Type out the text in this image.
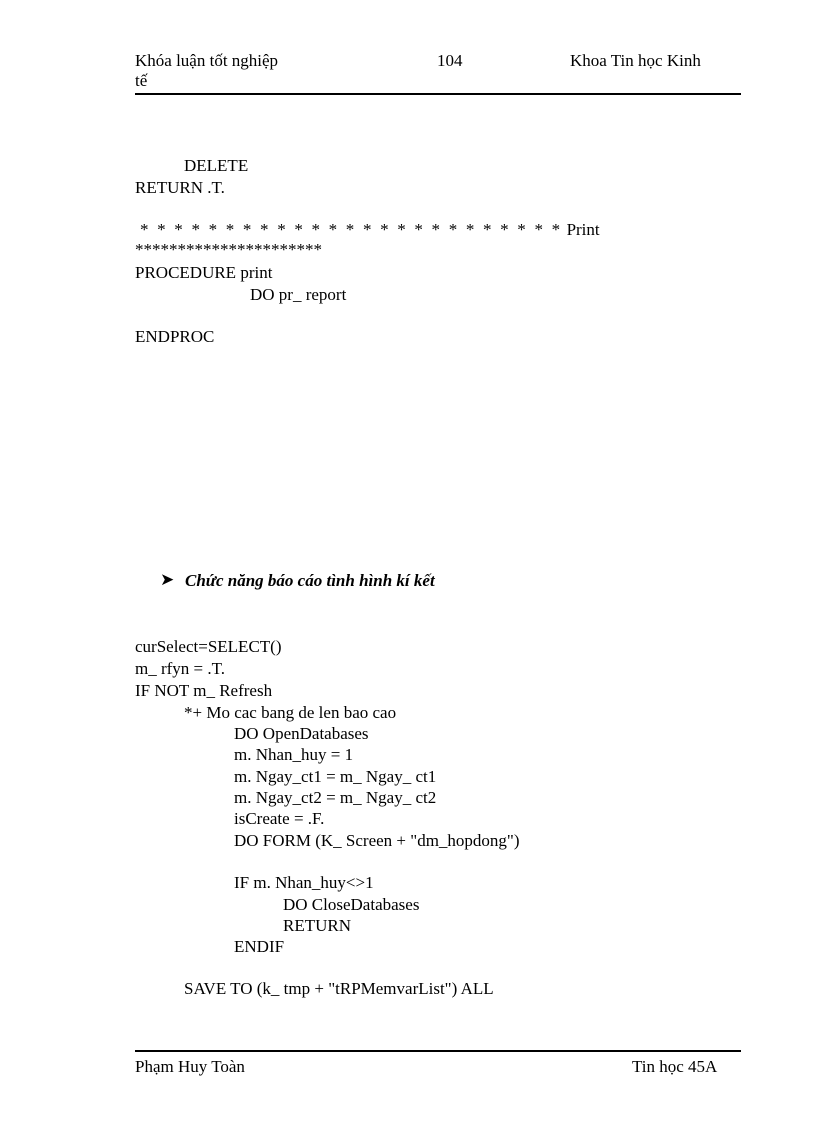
Khóa luận tốt nghiệp
tế
104	Khoa Tin học Kinh
DELETE
RETURN .T.
* * * * * * * * * * * * * * * * * * * * * * * * * Print
**********************
PROCEDURE print
DO pr_ report
ENDPROC
➤ Chức năng báo cáo tình hình kí kết
curSelect=SELECT()
m_ rfyn = .T.
IF NOT m_ Refresh
*+ Mo cac bang de len bao cao
DO OpenDatabases
m. Nhan_huy = 1
m. Ngay_ct1 = m_ Ngay_ ct1
m. Ngay_ct2 = m_ Ngay_ ct2
isCreate = .F.
DO FORM (K_ Screen + "dm_hopdong")
IF m. Nhan_huy<>1
DO CloseDatabases
RETURN
ENDIF
SAVE TO (k_ tmp + "tRPMemvarList") ALL
Phạm Huy Toàn	Tin học 45A
